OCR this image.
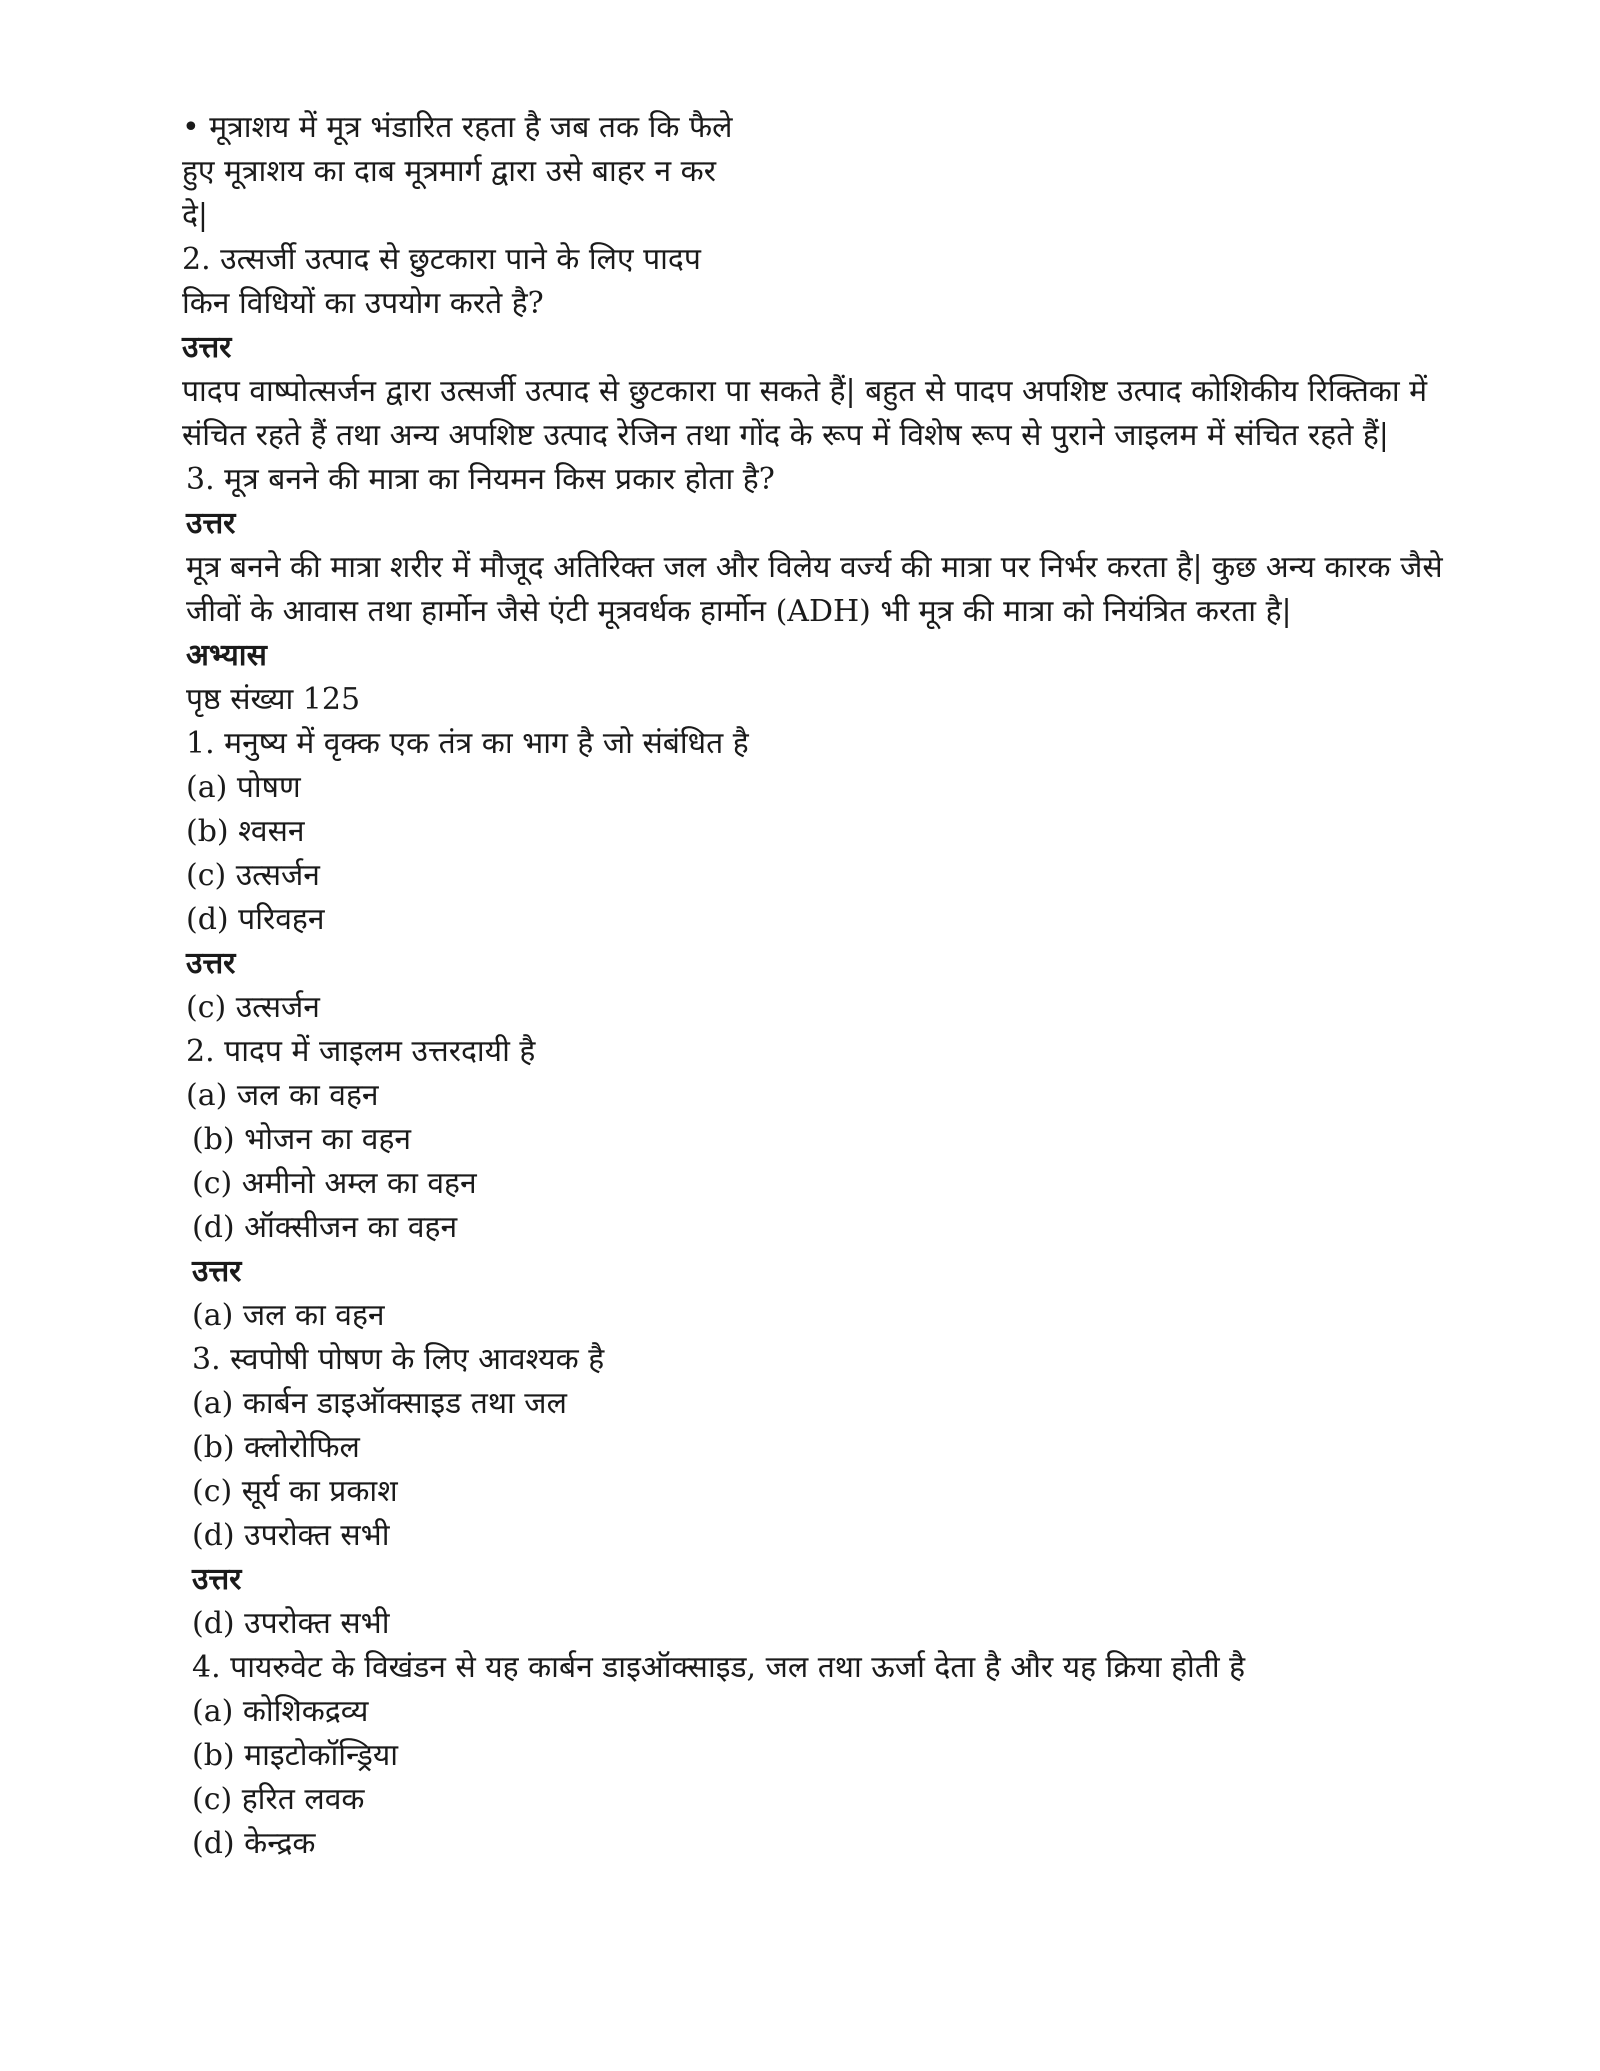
• मूत्राशय में मूत्र भंडारित रहता है जब तक कि फैले

हुए मूत्राशय का दाब मूत्रमार्ग द्वारा उसे बाहर न कर

दे|

2. उत्सर्जी उत्पाद से छुटकारा पाने के लिए पादप

किन विधियों का उपयोग करते है?

उत्तर

पादप वाष्पोत्सर्जन द्वारा उत्सर्जी उत्पाद से छुटकारा पा सकते हैं| बहुत से पादप अपशिष्ट उत्पाद कोशिकीय रिक्तिका में संचित रहते हैं तथा अन्य अपशिष्ट उत्पाद रेजिन तथा गोंद के रूप में विशेष रूप से पुराने जाइलम में संचित रहते हैं|

3. मूत्र बनने की मात्रा का नियमन किस प्रकार होता है?

उत्तर

मूत्र बनने की मात्रा शरीर में मौजूद अतिरिक्त जल और विलेय वर्ज्य की मात्रा पर निर्भर करता है| कुछ अन्य कारक जैसे जीवों के आवास तथा हार्मोन जैसे एंटी मूत्रवर्धक हार्मोन (ADH) भी मूत्र की मात्रा को नियंत्रित करता है|

अभ्यास

पृष्ठ संख्या 125

1. मनुष्य में वृक्क एक तंत्र का भाग है जो संबंधित है

(a) पोषण

(b) श्वसन

(c) उत्सर्जन

(d) परिवहन

उत्तर

(c) उत्सर्जन

2. पादप में जाइलम उत्तरदायी है

(a) जल का वहन

(b) भोजन का वहन

(c) अमीनो अम्ल का वहन

(d) ऑक्सीजन का वहन

उत्तर

(a) जल का वहन

3. स्वपोषी पोषण के लिए आवश्यक है

(a) कार्बन डाइऑक्साइड तथा जल

(b) क्लोरोफिल

(c) सूर्य का प्रकाश

(d) उपरोक्त सभी

उत्तर

(d) उपरोक्त सभी

4. पायरुवेट के विखंडन से यह कार्बन डाइऑक्साइड, जल तथा ऊर्जा देता है और यह क्रिया होती है

(a) कोशिकद्रव्य

(b) माइटोकॉन्ड्रिया

(c) हरित लवक

(d) केन्द्रक
